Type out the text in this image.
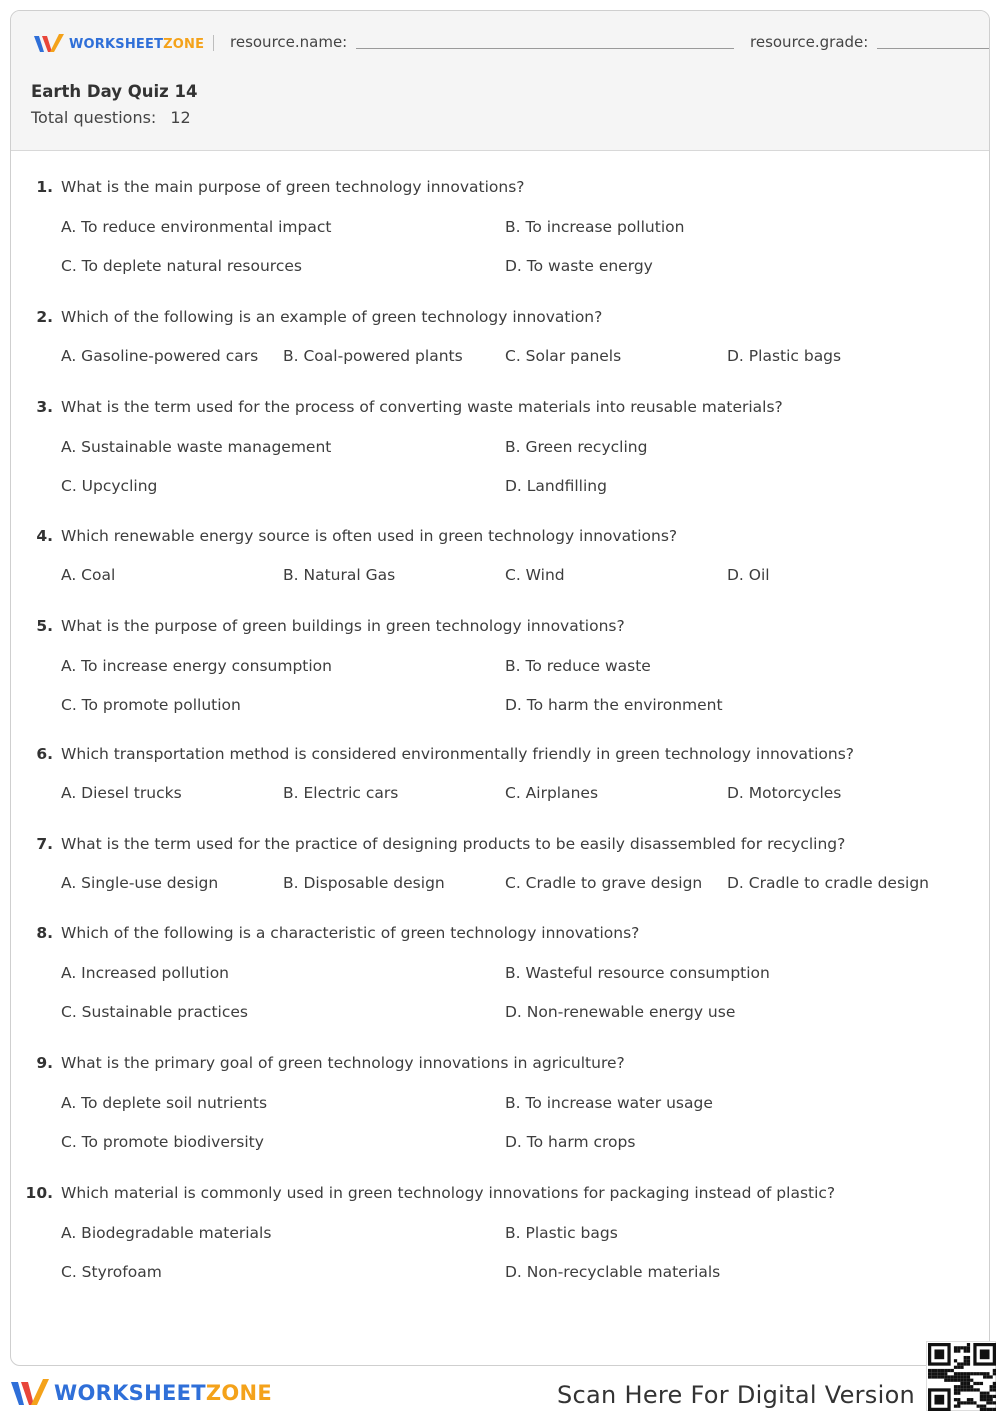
WORKSHEETZONE resource.name:	resource.grade:
Earth Day Quiz 14
Total questions: 12
1. What is the main purpose of green technology innovations?
A. To reduce environmental impact	B. To increase pollution
C. To deplete natural resources	D. To waste energy
2. Which of the following is an example of green technology innovation?
A. Gasoline-powered cars B. Coal-powered plants	C. Solar panels	D. Plastic bags
3. What is the term used for the process of converting waste materials into reusable materials?
A. Sustainable waste management	B. Green recycling
C. Upcycling	D. Landfilling
4. Which renewable energy source is often used in green technology innovations?
A. Coal	B. Natural Gas	C. Wind	D. Oil
5. What is the purpose of green buildings in green technology innovations?
A. To increase energy consumption	B. To reduce waste
C. To promote pollution	D. To harm the environment
6. Which transportation method is considered environmentally friendly in green technology innovations?
A. Diesel trucks	B. Electric cars	C. Airplanes	D. Motorcycles
7. What is the term used for the practice of designing products to be easily disassembled for recycling?
A. Single-use design	B. Disposable design	C. Cradle to grave design D. Cradle to cradle design
8. Which of the following is a characteristic of green technology innovations?
A. Increased pollution	B. Wasteful resource consumption
C. Sustainable practices	D. Non-renewable energy use
9. What is the primary goal of green technology innovations in agriculture?
A. To deplete soil nutrients	B. To increase water usage
C. To promote biodiversity	D. To harm crops
10. Which material is commonly used in green technology innovations for packaging instead of plastic?
A. Biodegradable materials	B. Plastic bags
C. Styrofoam	D. Non-recyclable materials
WORKSHEETZONE	Scan Here For Digital Version
